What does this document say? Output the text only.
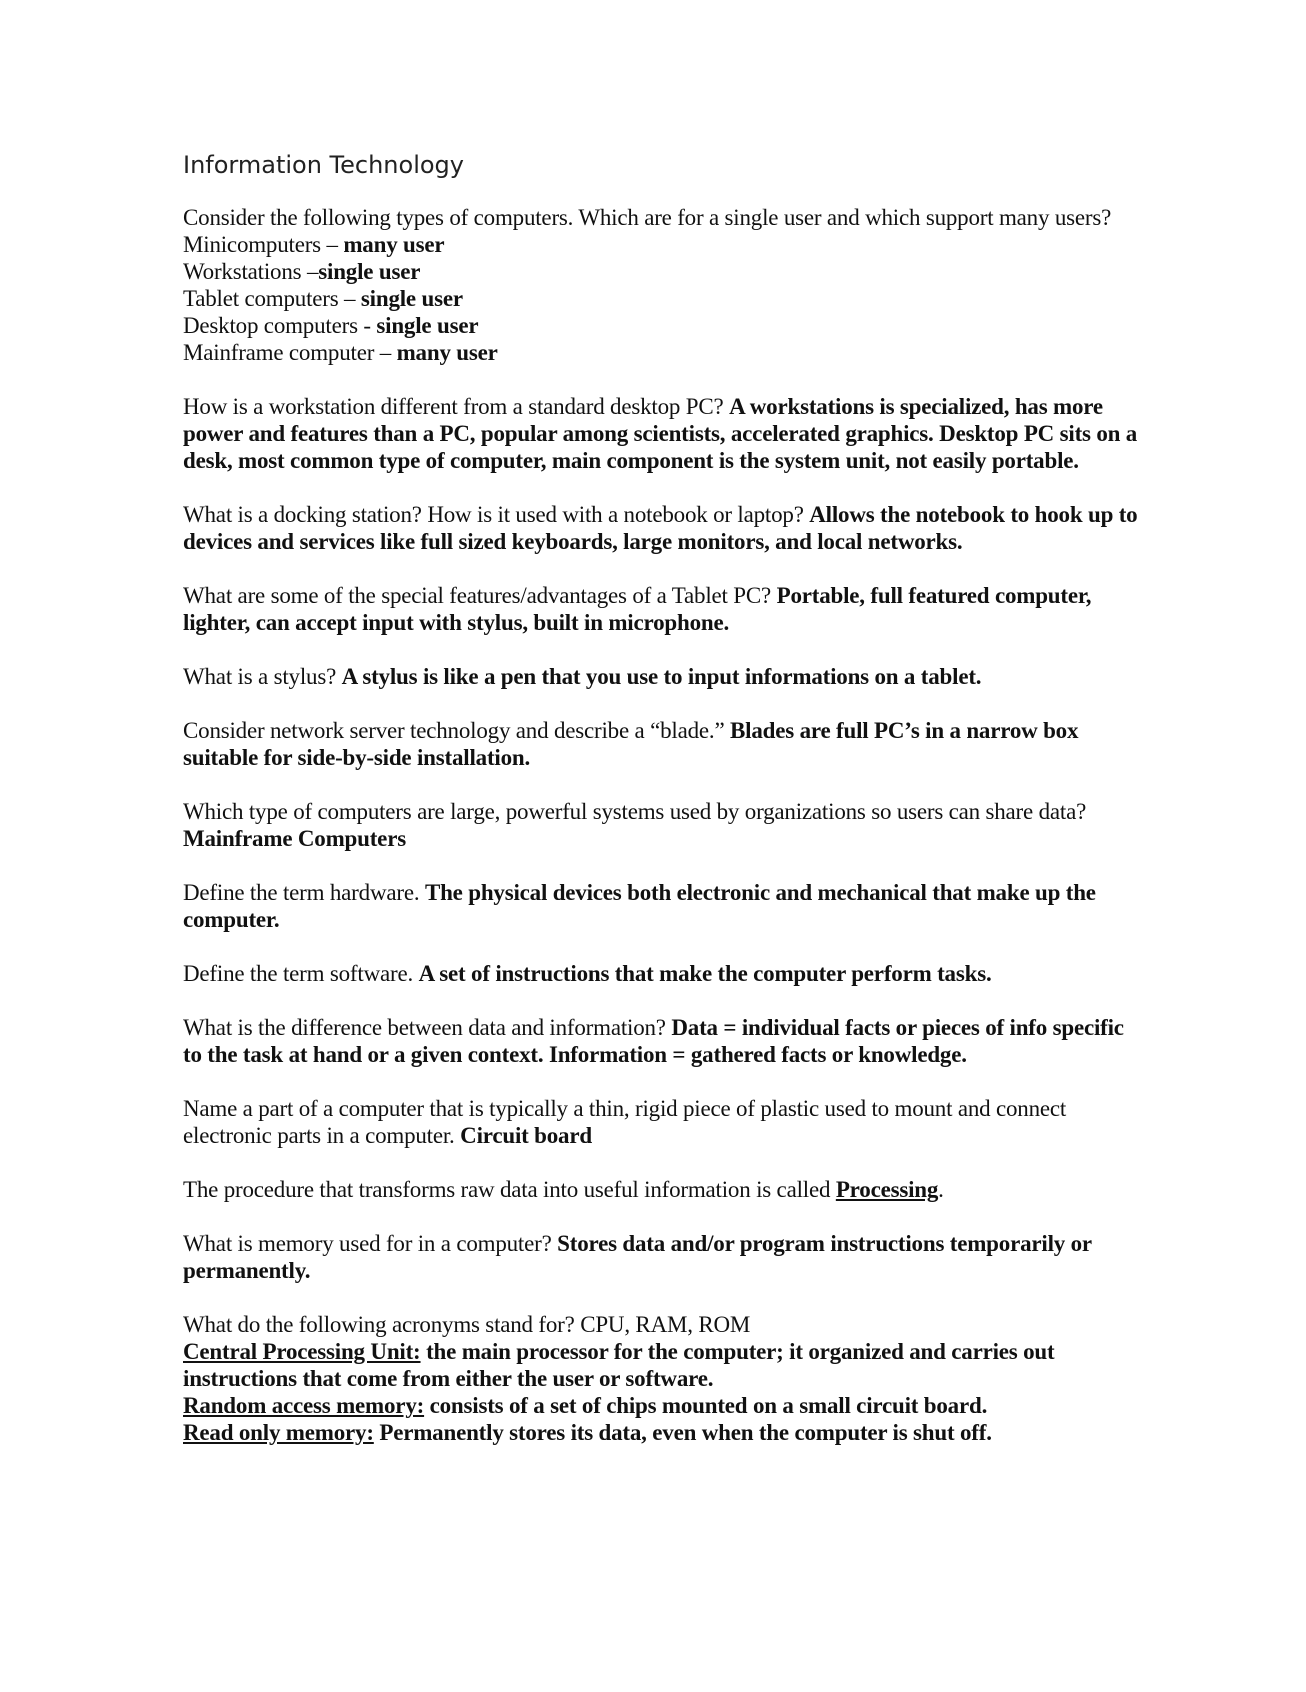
Information Technology
Consider the following types of computers. Which are for a single user and which support many users?
Minicomputers – many user
Workstations –single user
Tablet computers – single user
Desktop computers - single user
Mainframe computer – many user
How is a workstation different from a standard desktop PC? A workstations is specialized, has more power and features than a PC, popular among scientists, accelerated graphics. Desktop PC sits on a desk, most common type of computer, main component is the system unit, not easily portable.
What is a docking station? How is it used with a notebook or laptop? Allows the notebook to hook up to devices and services like full sized keyboards, large monitors, and local networks.
What are some of the special features/advantages of a Tablet PC? Portable, full featured computer, lighter, can accept input with stylus, built in microphone.
What is a stylus? A stylus is like a pen that you use to input informations on a tablet.
Consider network server technology and describe a “blade.” Blades are full PC’s in a narrow box suitable for side-by-side installation.
Which type of computers are large, powerful systems used by organizations so users can share data? Mainframe Computers
Define the term hardware. The physical devices both electronic and mechanical that make up the computer.
Define the term software. A set of instructions that make the computer perform tasks.
What is the difference between data and information? Data = individual facts or pieces of info specific to the task at hand or a given context. Information = gathered facts or knowledge.
Name a part of a computer that is typically a thin, rigid piece of plastic used to mount and connect electronic parts in a computer. Circuit board
The procedure that transforms raw data into useful information is called Processing.
What is memory used for in a computer? Stores data and/or program instructions temporarily or permanently.
What do the following acronyms stand for? CPU, RAM, ROM
Central Processing Unit: the main processor for the computer; it organized and carries out instructions that come from either the user or software.
Random access memory: consists of a set of chips mounted on a small circuit board.
Read only memory: Permanently stores its data, even when the computer is shut off.
